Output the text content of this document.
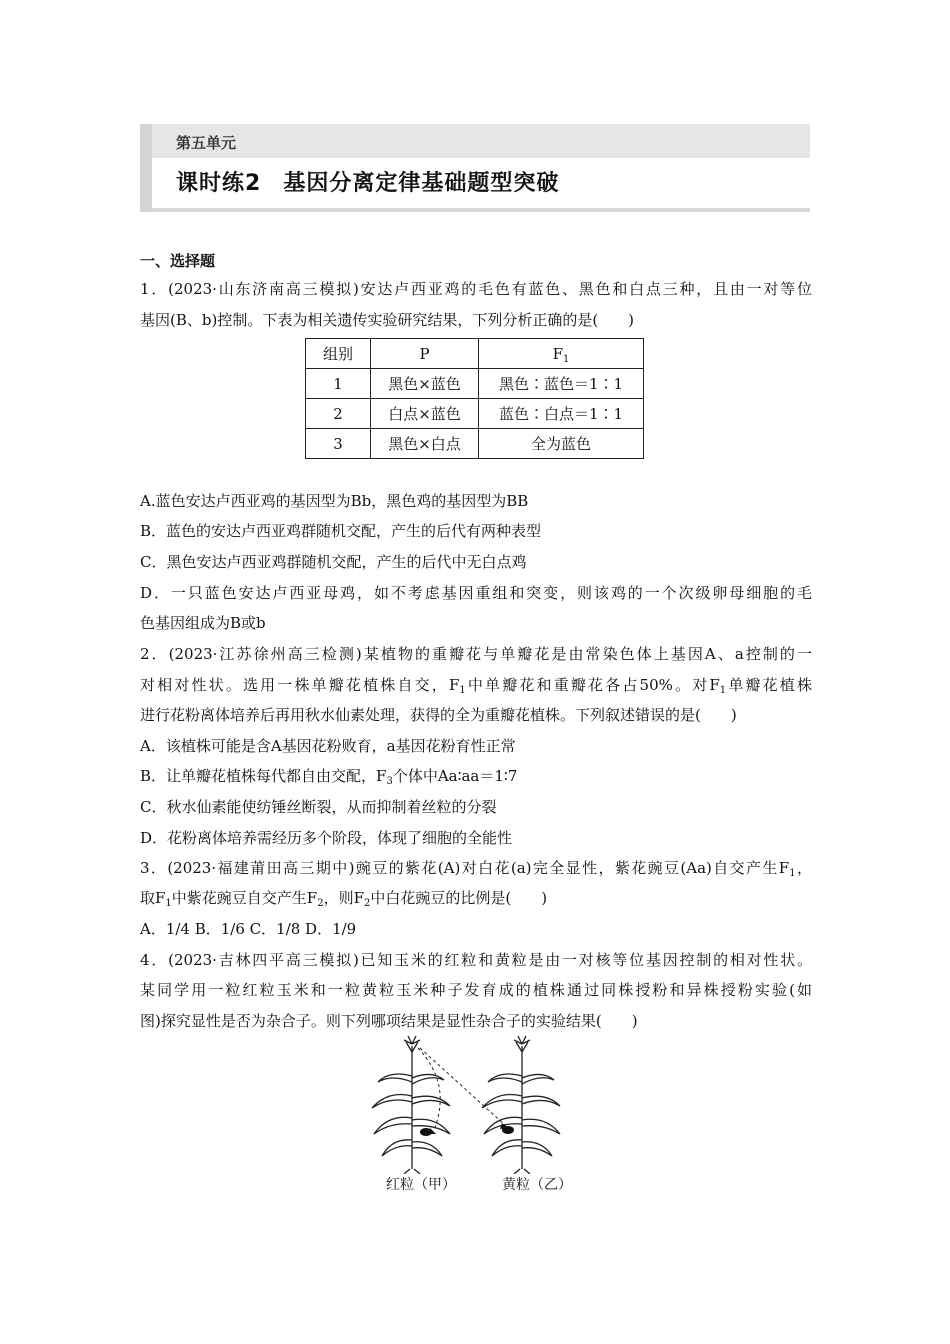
第五单元
课时练2 基因分离定律基础题型突破
一、选择题
1．(2023·山东济南高三模拟)安达卢西亚鸡的毛色有蓝色、黑色和白点三种，且由一对等位
基因(B、b)控制。下表为相关遗传实验研究结果，下列分析正确的是(　　)
组别	P	$F_1$
1	黑色×蓝色	黑色∶蓝色＝1∶1
2	白点×蓝色	蓝色∶白点＝1∶1
3	黑色×白点	全为蓝色
A.蓝色安达卢西亚鸡的基因型为Bb，黑色鸡的基因型为BB
B．蓝色的安达卢西亚鸡群随机交配，产生的后代有两种表型
C．黑色安达卢西亚鸡群随机交配，产生的后代中无白点鸡
D．一只蓝色安达卢西亚母鸡，如不考虑基因重组和突变，则该鸡的一个次级卵母细胞的毛
色基因组成为B或b
2．(2023·江苏徐州高三检测)某植物的重瓣花与单瓣花是由常染色体上基因A、a控制的一
对相对性状。选用一株单瓣花植株自交，$F_1$中单瓣花和重瓣花各占50%。对$F_1$单瓣花植株
进行花粉离体培养后再用秋水仙素处理，获得的全为重瓣花植株。下列叙述错误的是(　　)
A．该植株可能是含A基因花粉败育，a基因花粉育性正常
B．让单瓣花植株每代都自由交配，$F_3$个体中Aa∶aa＝1∶7
C．秋水仙素能使纺锤丝断裂，从而抑制着丝粒的分裂
D．花粉离体培养需经历多个阶段，体现了细胞的全能性
3．(2023·福建莆田高三期中)豌豆的紫花(A)对白花(a)完全显性，紫花豌豆(Aa)自交产生$F_1$，
取$F_1$中紫花豌豆自交产生$F_2$，则$F_2$中白花豌豆的比例是(　　)
A．1/4 B．1/6 C．1/8 D．1/9
4．(2023·吉林四平高三模拟)已知玉米的红粒和黄粒是由一对核等位基因控制的相对性状。
某同学用一粒红粒玉米和一粒黄粒玉米种子发育成的植株通过同株授粉和异株授粉实验(如
图)探究显性是否为杂合子。则下列哪项结果是显性杂合子的实验结果(　　)
红粒（甲）	黄粒（乙）
